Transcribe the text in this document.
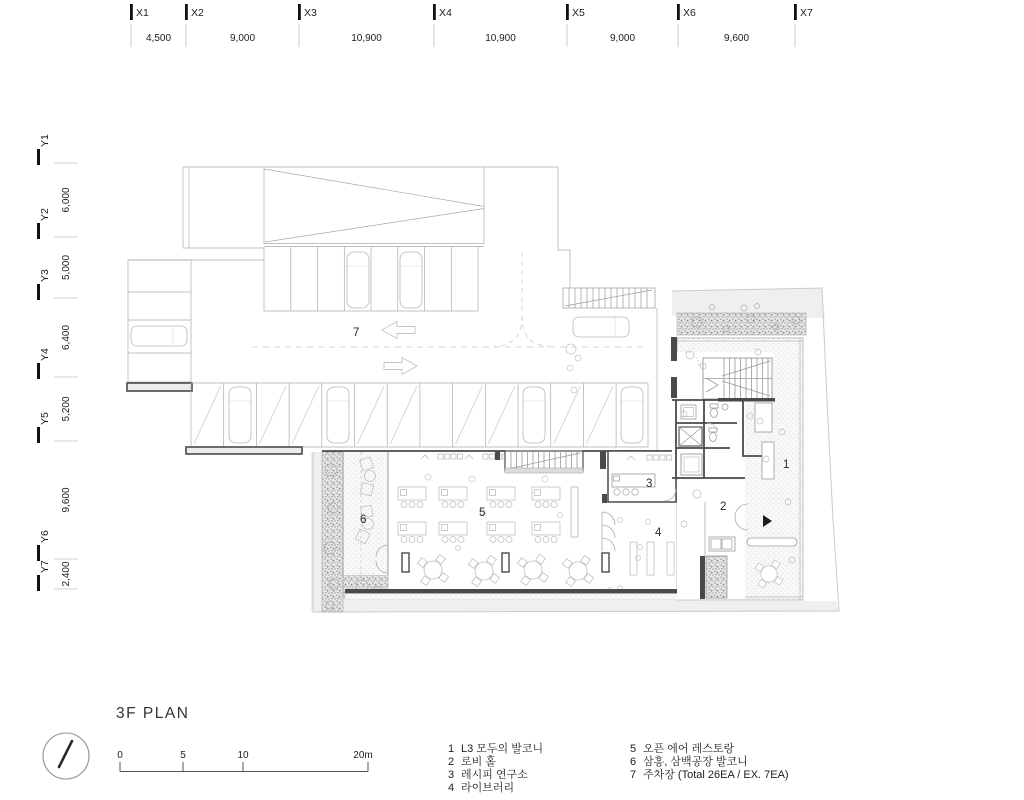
X1	X2	X3	X4	X5	X6	X7
4,500	9,000	10,900	10,900	9,000	9,600
Y1
Y2
Y3
Y4
Y5
Y6
Y7
6,000
5,000
6,400
5,200
9,600
2,400
1
2
3
4
5
6
7
3F PLAN
0	5	10	20m
1 L3 모두의 발코니
2 로비 홀
3 레시피 연구소
4 라이브러리
5 오픈 에어 레스토랑
6 삼홍, 삼백공장 발코니
7 주차장 (Total 26EA / EX. 7EA)
